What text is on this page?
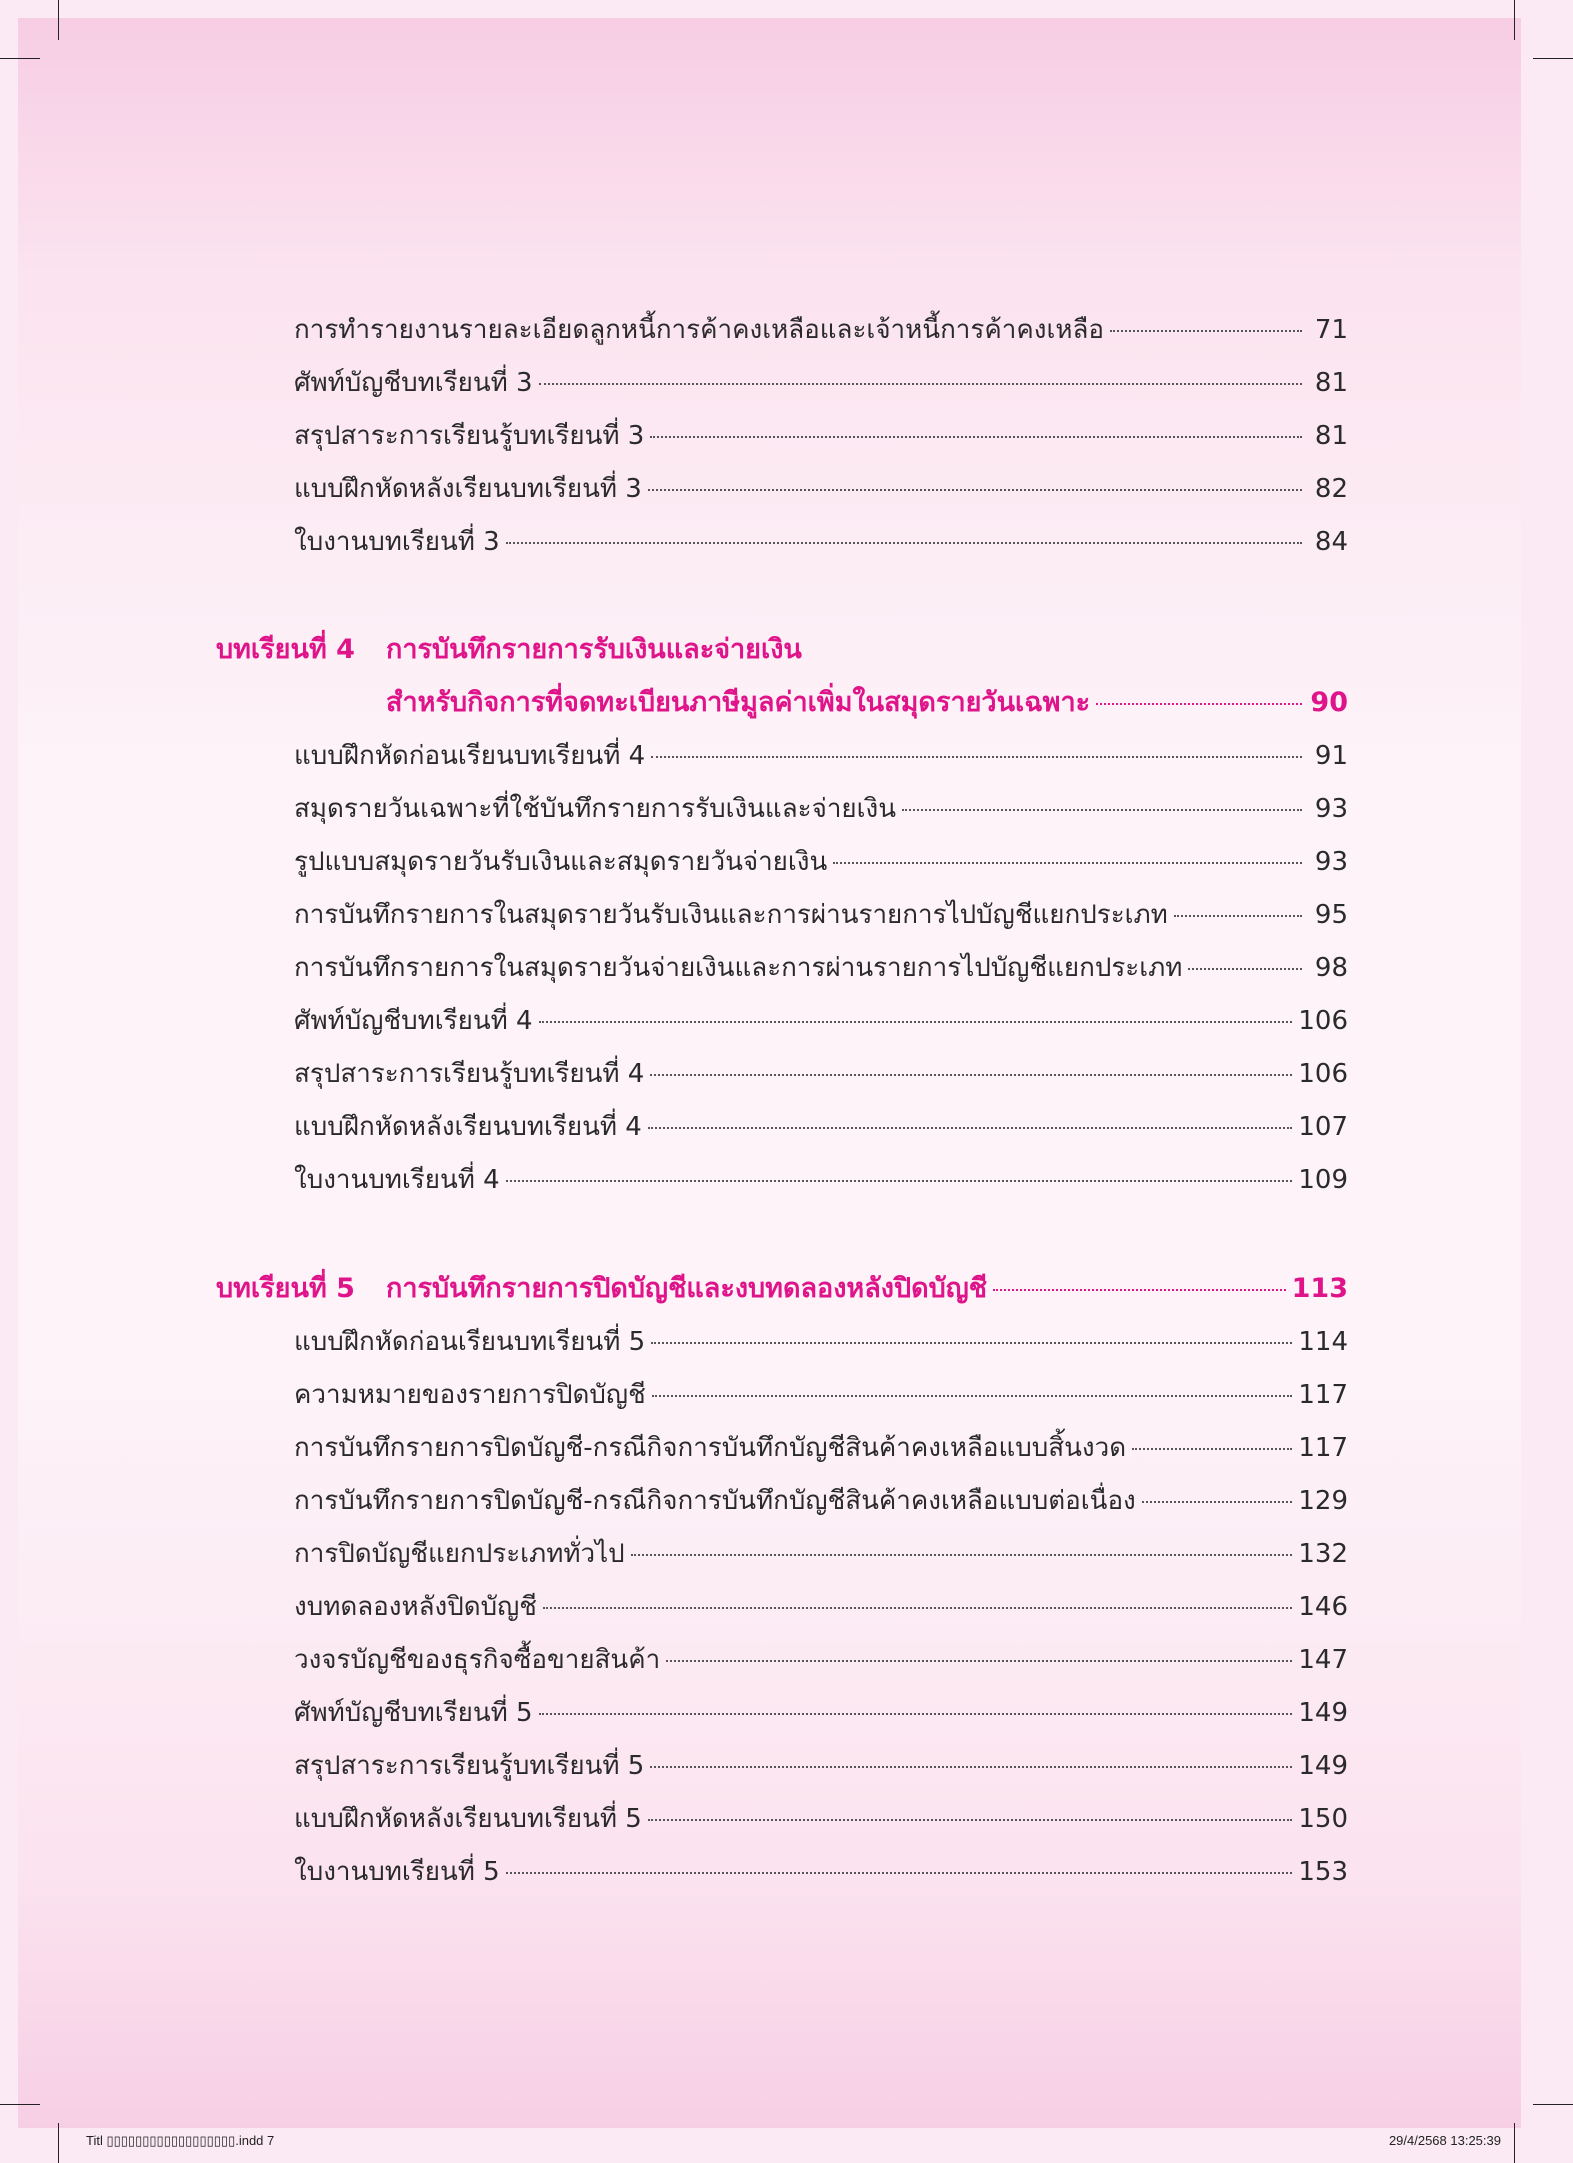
การทำรายงานรายละเอียดลูกหนี้การค้าคงเหลือและเจ้าหนี้การค้าคงเหลือ	71
ศัพท์บัญชีบทเรียนที่ 3	81
สรุปสาระการเรียนรู้บทเรียนที่ 3	81
แบบฝึกหัดหลังเรียนบทเรียนที่ 3	82
ใบงานบทเรียนที่ 3	84
บทเรียนที่ 4 การบันทึกรายการรับเงินและจ่ายเงิน
สำหรับกิจการที่จดทะเบียนภาษีมูลค่าเพิ่มในสมุดรายวันเฉพาะ	90
แบบฝึกหัดก่อนเรียนบทเรียนที่ 4	91
สมุดรายวันเฉพาะที่ใช้บันทึกรายการรับเงินและจ่ายเงิน	93
รูปแบบสมุดรายวันรับเงินและสมุดรายวันจ่ายเงิน	93
การบันทึกรายการในสมุดรายวันรับเงินและการผ่านรายการไปบัญชีแยกประเภท	95
การบันทึกรายการในสมุดรายวันจ่ายเงินและการผ่านรายการไปบัญชีแยกประเภท	98
ศัพท์บัญชีบทเรียนที่ 4	106
สรุปสาระการเรียนรู้บทเรียนที่ 4	106
แบบฝึกหัดหลังเรียนบทเรียนที่ 4	107
ใบงานบทเรียนที่ 4	109
บทเรียนที่ 5 การบันทึกรายการปิดบัญชีและงบทดลองหลังปิดบัญชี	113
แบบฝึกหัดก่อนเรียนบทเรียนที่ 5	114
ความหมายของรายการปิดบัญชี	117
การบันทึกรายการปิดบัญชี-กรณีกิจการบันทึกบัญชีสินค้าคงเหลือแบบสิ้นงวด	117
การบันทึกรายการปิดบัญชี-กรณีกิจการบันทึกบัญชีสินค้าคงเหลือแบบต่อเนื่อง	129
การปิดบัญชีแยกประเภททั่วไป	132
งบทดลองหลังปิดบัญชี	146
วงจรบัญชีของธุรกิจซื้อขายสินค้า	147
ศัพท์บัญชีบทเรียนที่ 5	149
สรุปสาระการเรียนรู้บทเรียนที่ 5	149
แบบฝึกหัดหลังเรียนบทเรียนที่ 5	150
ใบงานบทเรียนที่ 5	153
Titl ▯▯▯▯▯▯▯▯▯▯▯▯▯▯▯▯▯▯.indd 7	29/4/2568 13:25:39
